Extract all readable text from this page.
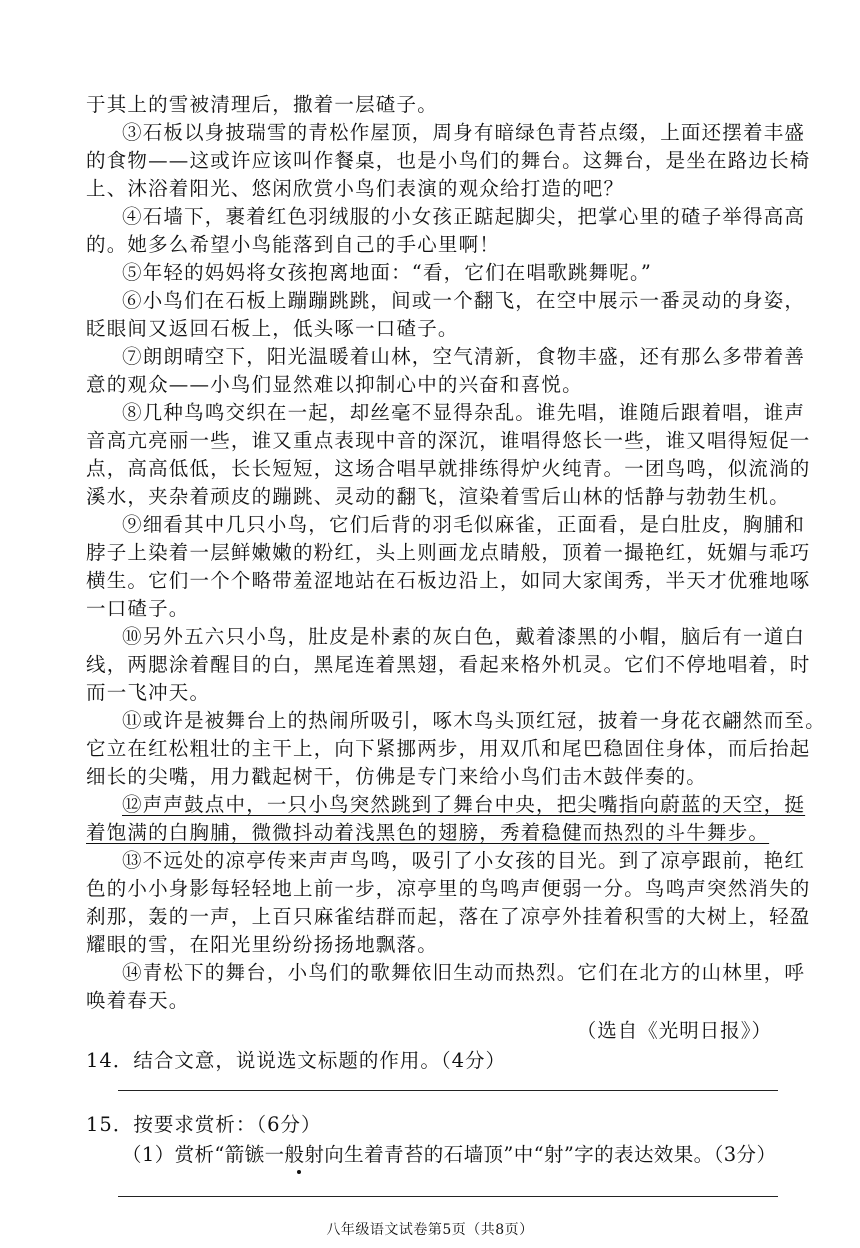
于其上的雪被清理后，撒着一层碴子。
③石板以身披瑞雪的青松作屋顶，周身有暗绿色青苔点缀，上面还摆着丰盛
的食物——这或许应该叫作餐桌，也是小鸟们的舞台。这舞台，是坐在路边长椅
上、沐浴着阳光、悠闲欣赏小鸟们表演的观众给打造的吧？
④石墙下，裹着红色羽绒服的小女孩正踮起脚尖，把掌心里的碴子举得高高
的。她多么希望小鸟能落到自己的手心里啊！
⑤年轻的妈妈将女孩抱离地面：“看，它们在唱歌跳舞呢。”
⑥小鸟们在石板上蹦蹦跳跳，间或一个翻飞，在空中展示一番灵动的身姿，
眨眼间又返回石板上，低头啄一口碴子。
⑦朗朗晴空下，阳光温暖着山林，空气清新，食物丰盛，还有那么多带着善
意的观众——小鸟们显然难以抑制心中的兴奋和喜悦。
⑧几种鸟鸣交织在一起，却丝毫不显得杂乱。谁先唱，谁随后跟着唱，谁声
音高亢亮丽一些，谁又重点表现中音的深沉，谁唱得悠长一些，谁又唱得短促一
点，高高低低，长长短短，这场合唱早就排练得炉火纯青。一团鸟鸣，似流淌的
溪水，夹杂着顽皮的蹦跳、灵动的翻飞，渲染着雪后山林的恬静与勃勃生机。
⑨细看其中几只小鸟，它们后背的羽毛似麻雀，正面看，是白肚皮，胸脯和
脖子上染着一层鲜嫩嫩的粉红，头上则画龙点睛般，顶着一撮艳红，妩媚与乖巧
横生。它们一个个略带羞涩地站在石板边沿上，如同大家闺秀，半天才优雅地啄
一口碴子。
⑩另外五六只小鸟，肚皮是朴素的灰白色，戴着漆黑的小帽，脑后有一道白
线，两腮涂着醒目的白，黑尾连着黑翅，看起来格外机灵。它们不停地唱着，时
而一飞冲天。
⑪或许是被舞台上的热闹所吸引，啄木鸟头顶红冠，披着一身花衣翩然而至。
它立在红松粗壮的主干上，向下紧挪两步，用双爪和尾巴稳固住身体，而后抬起
细长的尖嘴，用力戳起树干，仿佛是专门来给小鸟们击木鼓伴奏的。
⑫声声鼓点中，一只小鸟突然跳到了舞台中央，把尖嘴指向蔚蓝的天空，挺
着饱满的白胸脯，微微抖动着浅黑色的翅膀，秀着稳健而热烈的斗牛舞步。
⑬不远处的凉亭传来声声鸟鸣，吸引了小女孩的目光。到了凉亭跟前，艳红
色的小小身影每轻轻地上前一步，凉亭里的鸟鸣声便弱一分。鸟鸣声突然消失的
刹那，轰的一声，上百只麻雀结群而起，落在了凉亭外挂着积雪的大树上，轻盈
耀眼的雪，在阳光里纷纷扬扬地飘落。
⑭青松下的舞台，小鸟们的歌舞依旧生动而热烈。它们在北方的山林里，呼
唤着春天。
（选自《光明日报》）
14．结合文意，说说选文标题的作用。（4分）
15．按要求赏析：（6分）
（1）赏析“箭镞一般射向生着青苔的石墙顶”中“射”字的表达效果。（3分）
八年级语文试卷第5页（共8页）
